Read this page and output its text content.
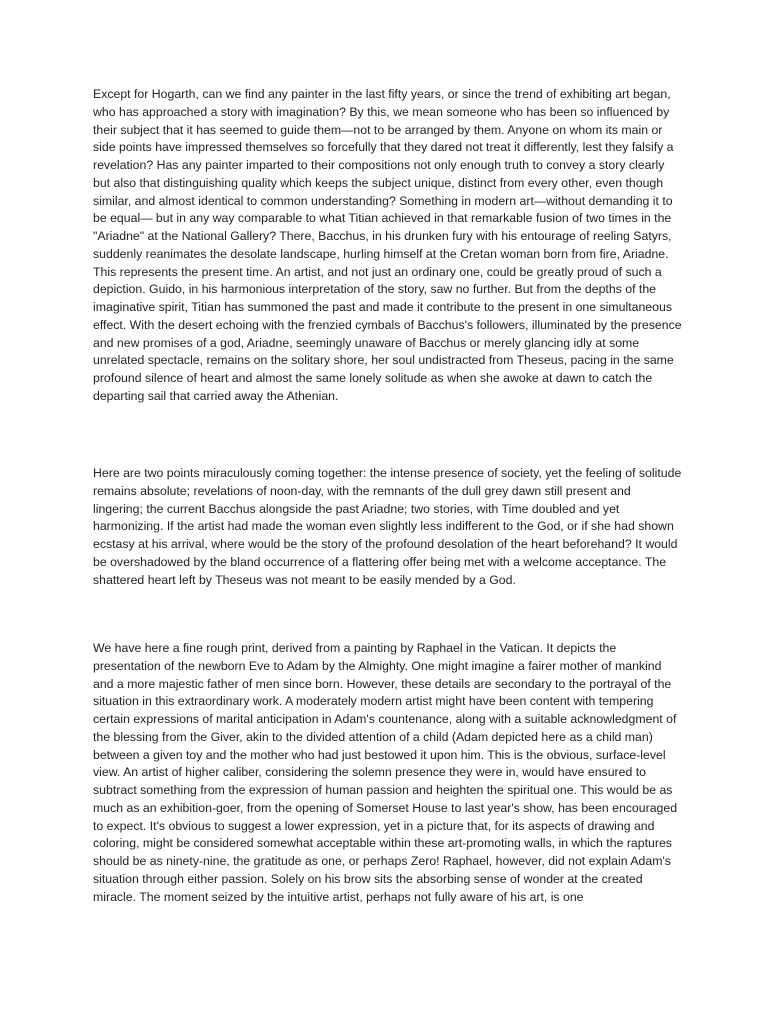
Except for Hogarth, can we find any painter in the last fifty years, or since the trend of exhibiting art began, who has approached a story with imagination? By this, we mean someone who has been so influenced by their subject that it has seemed to guide them—not to be arranged by them. Anyone on whom its main or side points have impressed themselves so forcefully that they dared not treat it differently, lest they falsify a revelation? Has any painter imparted to their compositions not only enough truth to convey a story clearly but also that distinguishing quality which keeps the subject unique, distinct from every other, even though similar, and almost identical to common understanding? Something in modern art—without demanding it to be equal— but in any way comparable to what Titian achieved in that remarkable fusion of two times in the "Ariadne" at the National Gallery? There, Bacchus, in his drunken fury with his entourage of reeling Satyrs, suddenly reanimates the desolate landscape, hurling himself at the Cretan woman born from fire, Ariadne. This represents the present time. An artist, and not just an ordinary one, could be greatly proud of such a depiction. Guido, in his harmonious interpretation of the story, saw no further. But from the depths of the imaginative spirit, Titian has summoned the past and made it contribute to the present in one simultaneous effect. With the desert echoing with the frenzied cymbals of Bacchus's followers, illuminated by the presence and new promises of a god, Ariadne, seemingly unaware of Bacchus or merely glancing idly at some unrelated spectacle, remains on the solitary shore, her soul undistracted from Theseus, pacing in the same profound silence of heart and almost the same lonely solitude as when she awoke at dawn to catch the departing sail that carried away the Athenian.

Here are two points miraculously coming together: the intense presence of society, yet the feeling of solitude remains absolute; revelations of noon-day, with the remnants of the dull grey dawn still present and lingering; the current Bacchus alongside the past Ariadne; two stories, with Time doubled and yet harmonizing. If the artist had made the woman even slightly less indifferent to the God, or if she had shown ecstasy at his arrival, where would be the story of the profound desolation of the heart beforehand? It would be overshadowed by the bland occurrence of a flattering offer being met with a welcome acceptance. The shattered heart left by Theseus was not meant to be easily mended by a God.

We have here a fine rough print, derived from a painting by Raphael in the Vatican. It depicts the presentation of the newborn Eve to Adam by the Almighty. One might imagine a fairer mother of mankind and a more majestic father of men since born. However, these details are secondary to the portrayal of the situation in this extraordinary work. A moderately modern artist might have been content with tempering certain expressions of marital anticipation in Adam's countenance, along with a suitable acknowledgment of the blessing from the Giver, akin to the divided attention of a child (Adam depicted here as a child man) between a given toy and the mother who had just bestowed it upon him. This is the obvious, surface-level view. An artist of higher caliber, considering the solemn presence they were in, would have ensured to subtract something from the expression of human passion and heighten the spiritual one. This would be as much as an exhibition-goer, from the opening of Somerset House to last year's show, has been encouraged to expect. It's obvious to suggest a lower expression, yet in a picture that, for its aspects of drawing and coloring, might be considered somewhat acceptable within these art-promoting walls, in which the raptures should be as ninety-nine, the gratitude as one, or perhaps Zero! Raphael, however, did not explain Adam's situation through either passion. Solely on his brow sits the absorbing sense of wonder at the created miracle. The moment seized by the intuitive artist, perhaps not fully aware of his art, is one
